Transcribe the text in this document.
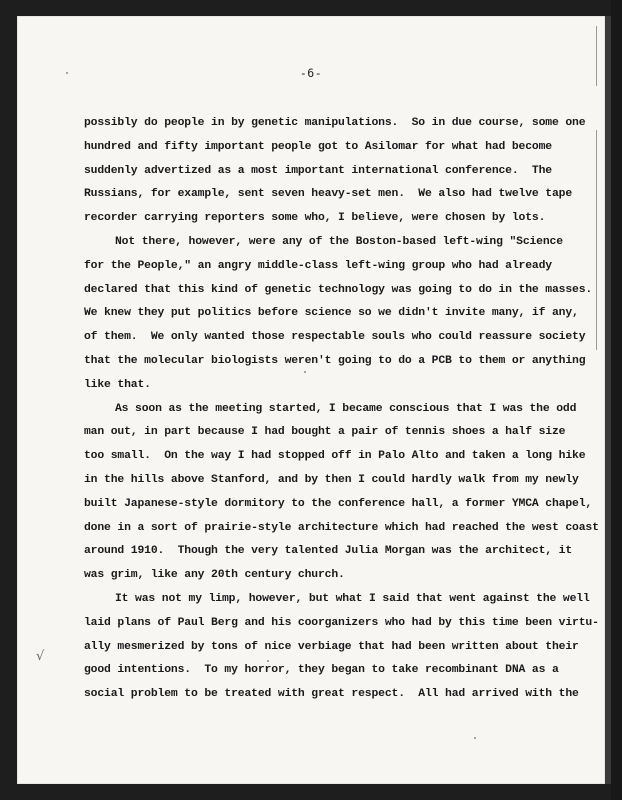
-6-
possibly do people in by genetic manipulations.  So in due course, some one
hundred and fifty important people got to Asilomar for what had become
suddenly advertized as a most important international conference.  The
Russians, for example, sent seven heavy-set men.  We also had twelve tape
recorder carrying reporters some who, I believe, were chosen by lots.
Not there, however, were any of the Boston-based left-wing "Science
for the People," an angry middle-class left-wing group who had already
declared that this kind of genetic technology was going to do in the masses.
We knew they put politics before science so we didn't invite many, if any,
of them.  We only wanted those respectable souls who could reassure society
that the molecular biologists weren't going to do a PCB to them or anything
like that.
As soon as the meeting started, I became conscious that I was the odd
man out, in part because I had bought a pair of tennis shoes a half size
too small.  On the way I had stopped off in Palo Alto and taken a long hike
in the hills above Stanford, and by then I could hardly walk from my newly
built Japanese-style dormitory to the conference hall, a former YMCA chapel,
done in a sort of prairie-style architecture which had reached the west coast
around 1910.  Though the very talented Julia Morgan was the architect, it
was grim, like any 20th century church.
It was not my limp, however, but what I said that went against the well
laid plans of Paul Berg and his coorganizers who had by this time been virtu-
ally mesmerized by tons of nice verbiage that had been written about their
good intentions.  To my horror, they began to take recombinant DNA as a
social problem to be treated with great respect.  All had arrived with the
√
